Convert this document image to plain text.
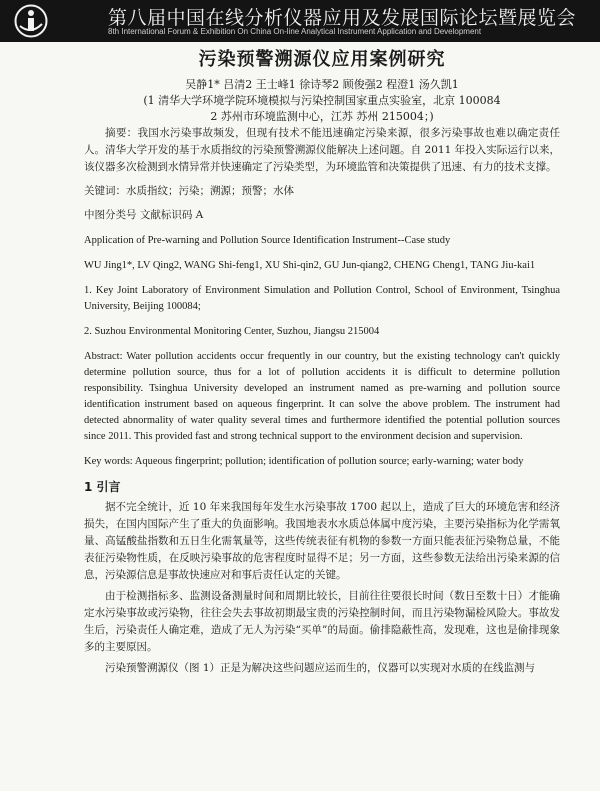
第八届中国在线分析仪器应用及发展国际论坛暨展览会
8th International Forum & Exhibition On China On-line Analytical Instrument Application and Development
污染预警溯源仪应用案例研究

吴静1* 吕清2 王士峰1 徐诗琴2 顾俊强2 程澄1 汤久凯1

(1 清华大学环境学院环境模拟与污染控制国家重点实验室，北京 100084

2 苏州市环境监测中心，江苏 苏州 215004；)

摘要：我国水污染事故频发，但现有技术不能迅速确定污染来源，很多污染事故也难以确定责任人。清华大学开发的基于水质指纹的污染预警溯源仪能解决上述问题。自 2011 年投入实际运行以来，该仪器多次检测到水情异常并快速确定了污染类型，为环境监管和决策提供了迅速、有力的技术支撑。

关键词：水质指纹；污染；溯源；预警；水体

中图分类号 文献标识码 A

Application of Pre-warning and Pollution Source Identification Instrument--Case study

WU Jing1*, LV Qing2, WANG Shi-feng1, XU Shi-qin2, GU Jun-qiang2, CHENG Cheng1, TANG Jiu-kai1

1. Key Joint Laboratory of Environment Simulation and Pollution Control, School of Environment, Tsinghua University, Beijing 100084;

2. Suzhou Environmental Monitoring Center, Suzhou, Jiangsu 215004

Abstract: Water pollution accidents occur frequently in our country, but the existing technology can't quickly determine pollution source, thus for a lot of pollution accidents it is difficult to determine pollution responsibility. Tsinghua University developed an instrument named as pre-warning and pollution source identification instrument based on aqueous fingerprint. It can solve the above problem. The instrument had detected abnormality of water quality several times and furthermore identified the potential pollution sources since 2011. This provided fast and strong technical support to the environment decision and supervision.

Key words: Aqueous fingerprint; pollution; identification of pollution source; early-warning; water body

1 引言

据不完全统计，近 10 年来我国每年发生水污染事故 1700 起以上，造成了巨大的环境危害和经济损失，在国内国际产生了重大的负面影响。我国地表水水质总体属中度污染，主要污染指标为化学需氧量、高锰酸盐指数和五日生化需氧量等，这些传统表征有机物的参数一方面只能表征污染物总量，不能表征污染物性质，在反映污染事故的危害程度时显得不足；另一方面，这些参数无法给出污染来源的信息，污染源信息是事故快速应对和事后责任认定的关键。

由于检测指标多、监测设备测量时间和周期比较长，目前往往要很长时间（数日至数十日）才能确定水污染事故或污染物，往往会失去事故初期最宝贵的污染控制时间，而且污染物漏检风险大。事故发生后，污染责任人确定难，造成了无人为污染“买单”的局面。偷排隐蔽性高，发现难，这也是偷排现象多的主要原因。

污染预警溯源仪（图 1）正是为解决这些问题应运而生的，仪器可以实现对水质的在线监测与
